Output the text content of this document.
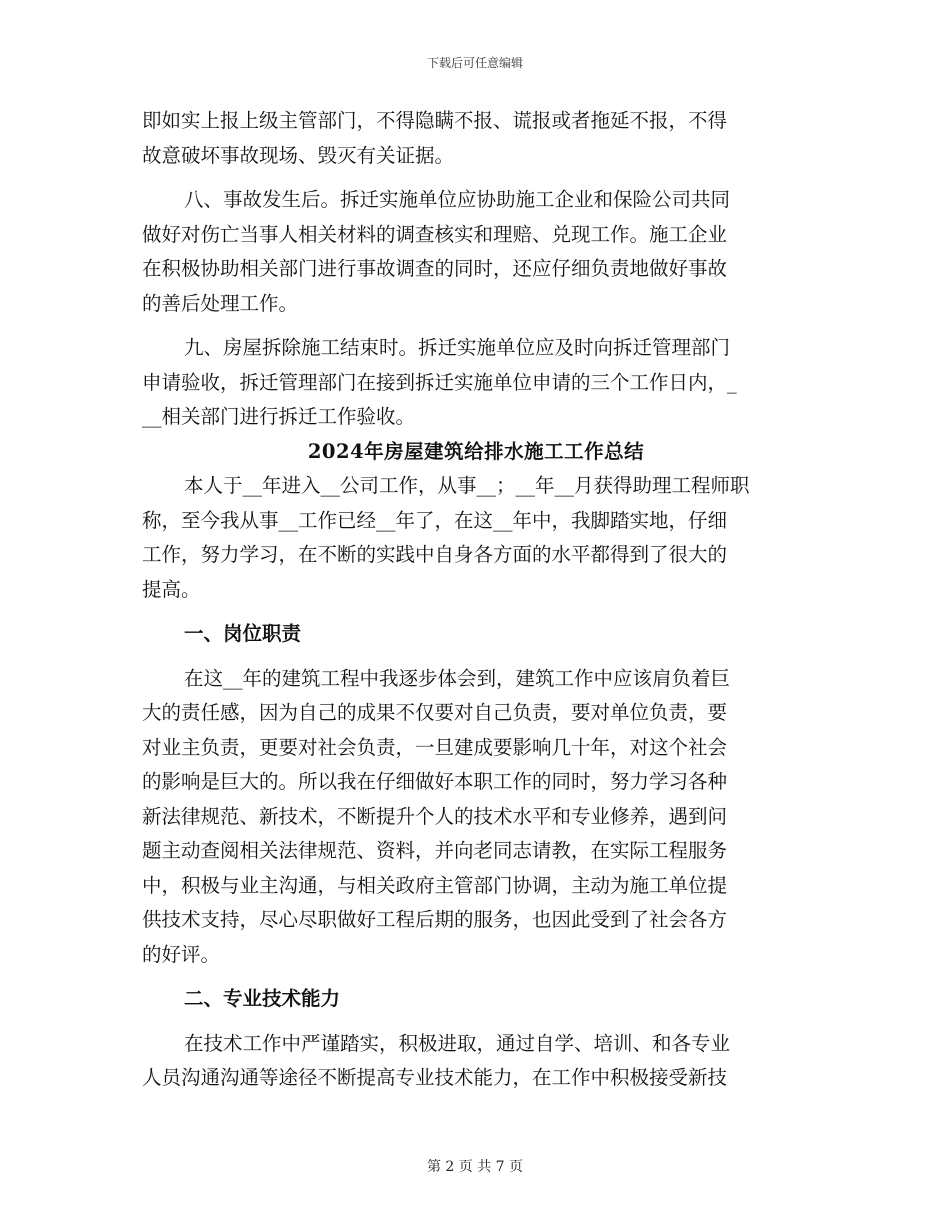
下载后可任意编辑

即如实上报上级主管部门，不得隐瞒不报、谎报或者拖延不报，不得

故意破坏事故现场、毁灭有关证据。

八、事故发生后。拆迁实施单位应协助施工企业和保险公司共同

做好对伤亡当事人相关材料的调查核实和理赔、兑现工作。施工企业

在积极协助相关部门进行事故调查的同时，还应仔细负责地做好事故

的善后处理工作。

九、房屋拆除施工结束时。拆迁实施单位应及时向拆迁管理部门

申请验收，拆迁管理部门在接到拆迁实施单位申请的三个工作日内，_

__相关部门进行拆迁工作验收。

2024年房屋建筑给排水施工工作总结

本人于__年进入__公司工作，从事__；__年__月获得助理工程师职

称，至今我从事__工作已经__年了，在这__年中，我脚踏实地，仔细

工作，努力学习，在不断的实践中自身各方面的水平都得到了很大的

提高。

一、岗位职责

在这__年的建筑工程中我逐步体会到，建筑工作中应该肩负着巨

大的责任感，因为自己的成果不仅要对自己负责，要对单位负责，要

对业主负责，更要对社会负责，一旦建成要影响几十年，对这个社会

的影响是巨大的。所以我在仔细做好本职工作的同时，努力学习各种

新法律规范、新技术，不断提升个人的技术水平和专业修养，遇到问

题主动查阅相关法律规范、资料，并向老同志请教，在实际工程服务

中，积极与业主沟通，与相关政府主管部门协调，主动为施工单位提

供技术支持，尽心尽职做好工程后期的服务，也因此受到了社会各方

的好评。

二、专业技术能力

在技术工作中严谨踏实，积极进取，通过自学、培训、和各专业

人员沟通沟通等途径不断提高专业技术能力，在工作中积极接受新技

第 2 页 共 7 页
